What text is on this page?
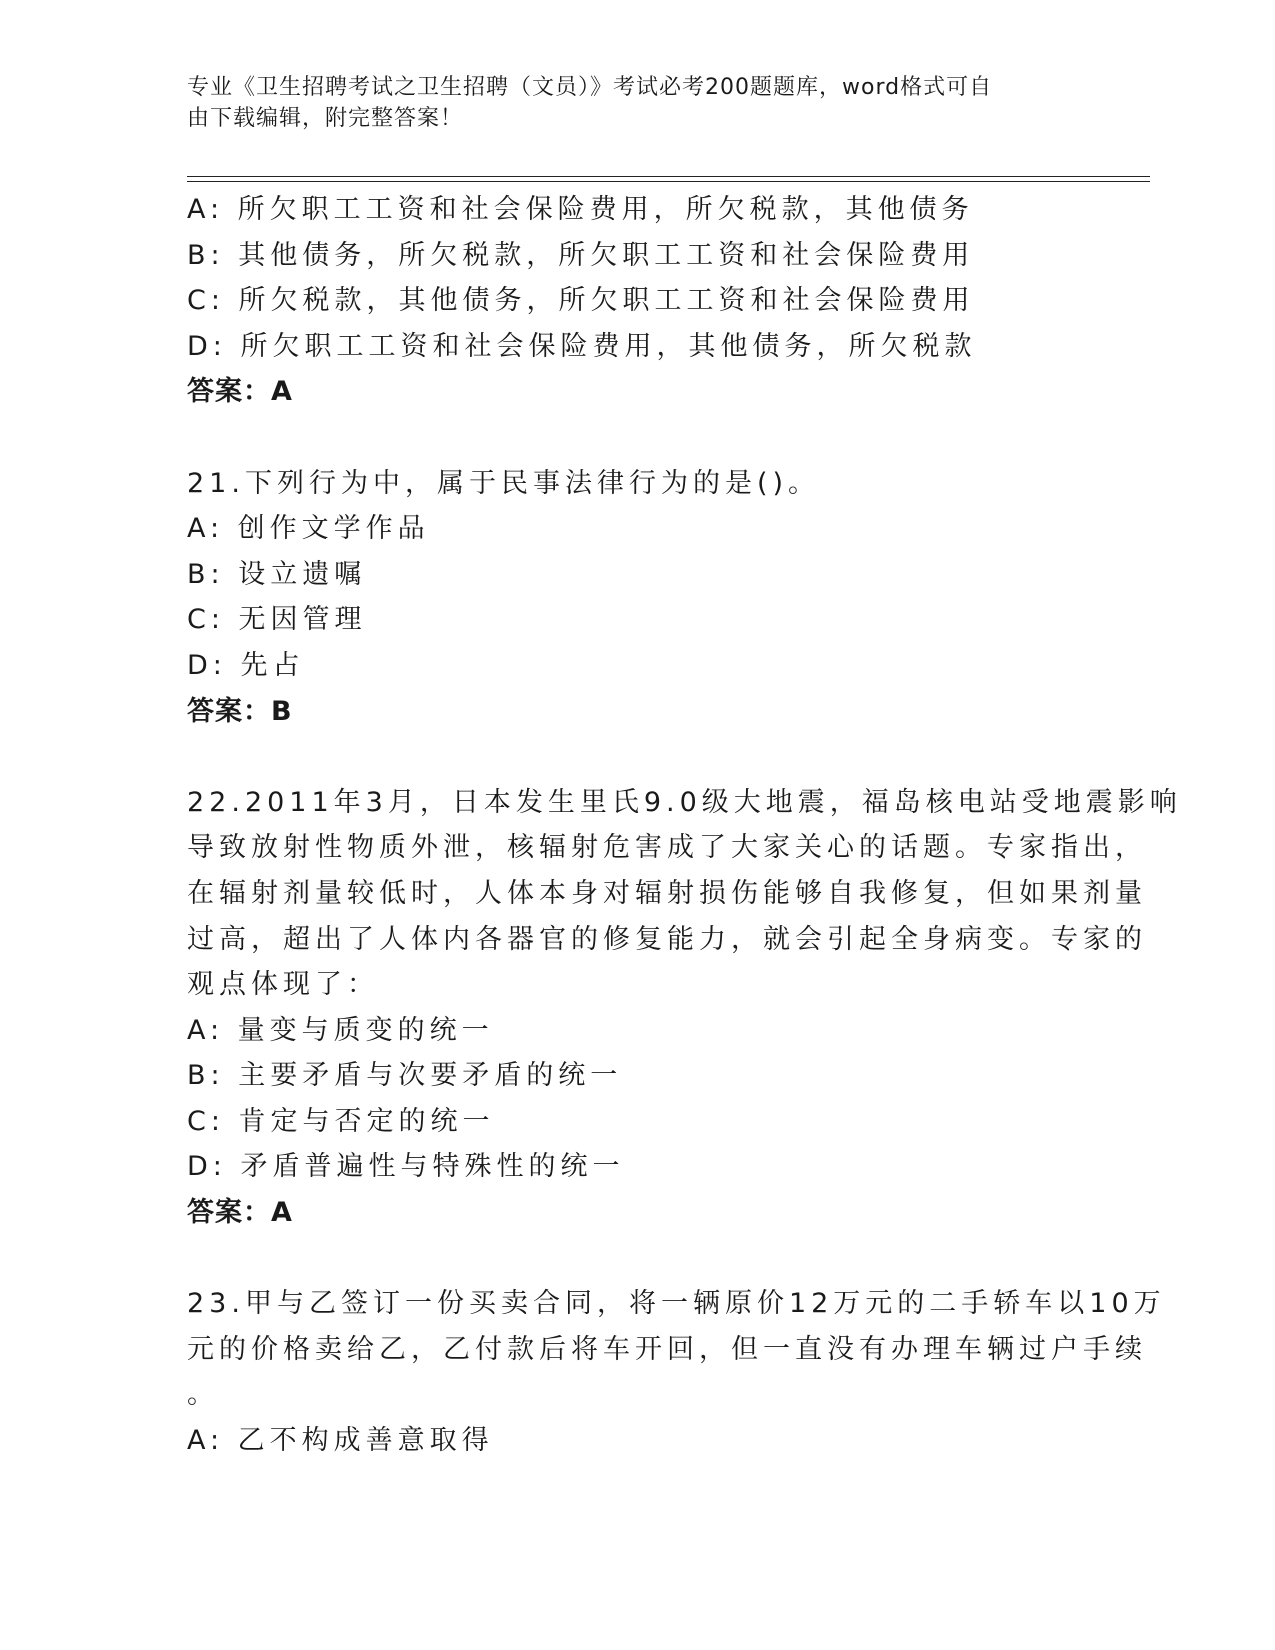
专业《卫生招聘考试之卫生招聘（文员）》考试必考200题题库，word格式可自
由下载编辑，附完整答案！
A: 所欠职工工资和社会保险费用，所欠税款，其他债务
B: 其他债务，所欠税款，所欠职工工资和社会保险费用
C: 所欠税款，其他债务，所欠职工工资和社会保险费用
D: 所欠职工工资和社会保险费用，其他债务，所欠税款
答案：A
21.下列行为中，属于民事法律行为的是()。
A: 创作文学作品
B: 设立遗嘱
C: 无因管理
D: 先占
答案：B
22.2011年3月，日本发生里氏9.0级大地震，福岛核电站受地震影响
导致放射性物质外泄，核辐射危害成了大家关心的话题。专家指出，
在辐射剂量较低时，人体本身对辐射损伤能够自我修复，但如果剂量
过高，超出了人体内各器官的修复能力，就会引起全身病变。专家的
观点体现了：
A: 量变与质变的统一
B: 主要矛盾与次要矛盾的统一
C: 肯定与否定的统一
D: 矛盾普遍性与特殊性的统一
答案：A
23.甲与乙签订一份买卖合同，将一辆原价12万元的二手轿车以10万
元的价格卖给乙，乙付款后将车开回，但一直没有办理车辆过户手续
。
A: 乙不构成善意取得
